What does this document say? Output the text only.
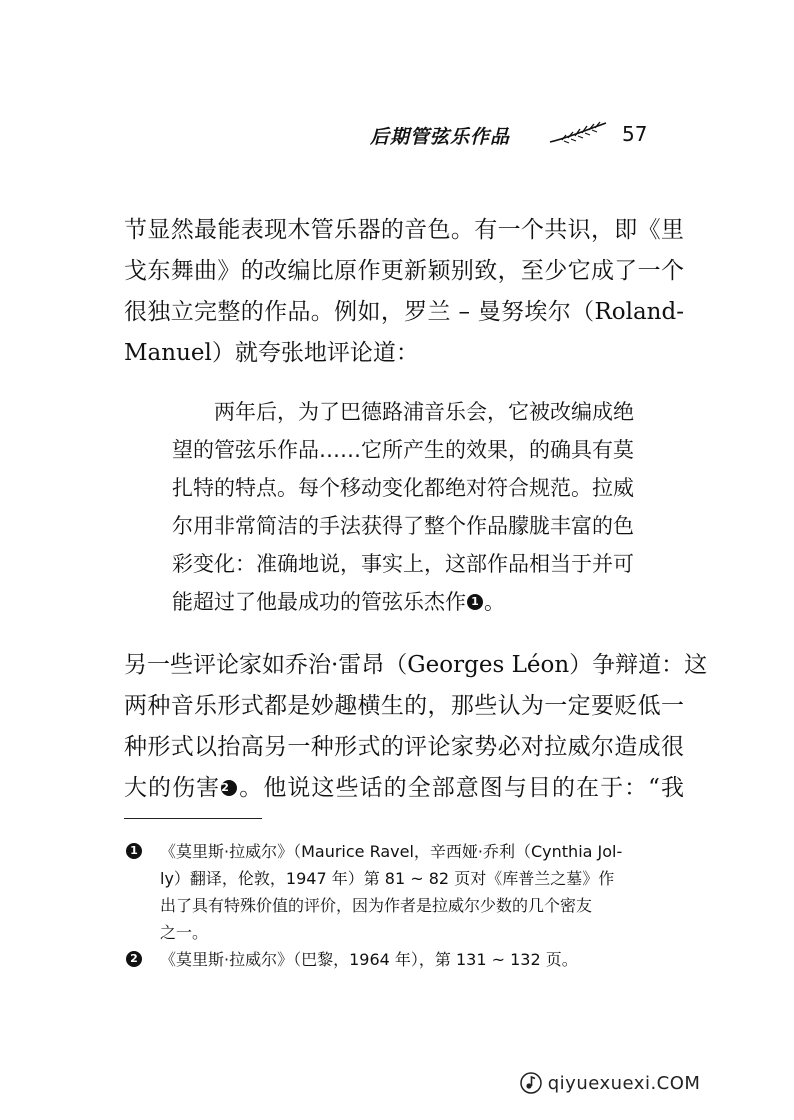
后期管弦乐作品	57
节显然最能表现木管乐器的音色。有一个共识，即《里
戈东舞曲》的改编比原作更新颖别致，至少它成了一个
很独立完整的作品。例如，罗兰 – 曼努埃尔（Roland-
Manuel）就夸张地评论道：
两年后，为了巴德路浦音乐会，它被改编成绝
望的管弦乐作品……它所产生的效果，的确具有莫
扎特的特点。每个移动变化都绝对符合规范。拉威
尔用非常简洁的手法获得了整个作品朦胧丰富的色
彩变化：准确地说，事实上，这部作品相当于并可
能超过了他最成功的管弦乐杰作 1 。
另一些评论家如乔治·雷昂（Georges Léon）争辩道：这
两种音乐形式都是妙趣横生的，那些认为一定要贬低一
种形式以抬高另一种形式的评论家势必对拉威尔造成很
大的伤害2 。他说这些话的全部意图与目的在于：“我
1 《莫里斯·拉威尔》（Maurice Ravel，辛西娅·乔利（Cynthia Jol-
ly）翻译，伦敦，1947 年）第 81 ~ 82 页对《库普兰之墓》作
出了具有特殊价值的评价，因为作者是拉威尔少数的几个密友
之一。
2 《莫里斯·拉威尔》（巴黎，1964 年），第 131 ~ 132 页。
qiyuexuexi.COM
